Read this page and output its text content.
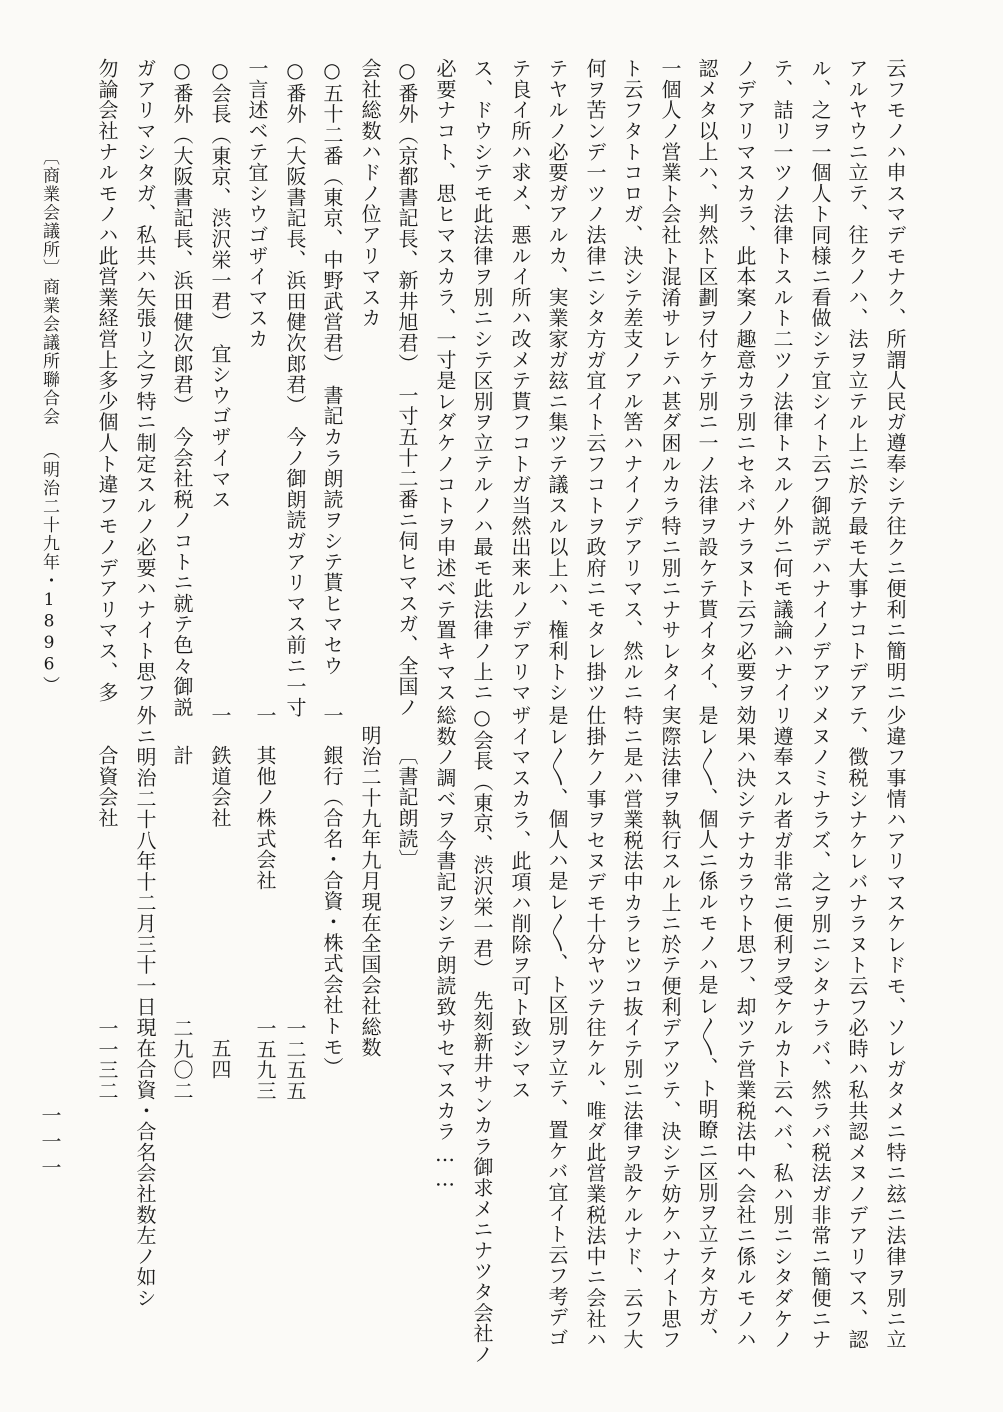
云フモノハ申スマデモナク、所謂人民ガ遵奉シテ往クニ便利ニ簡明ニ
アルヤウニ立テ、往クノハ、法ヲ立テル上ニ於テ最モ大事ナコトデア
ル、之ヲ一個人ト同様ニ看做シテ宜シイト云フ御説デハナイノデアツ
テ、詰リ一ツノ法律トスルト二ツノ法律トスルノ外ニ何モ議論ハナイ
ノデアリマスカラ、此本案ノ趣意カラ別ニセネバナラヌト云フ必要ヲ
認メタ以上ハ、判然ト区劃ヲ付ケテ別ニ一ノ法律ヲ設ケテ貰イタイ、
一個人ノ営業ト会社ト混淆サレテハ甚ダ困ルカラ特ニ別ニナサレタイ
ト云フタトコロガ、決シテ差支ノアル筈ハナイノデアリマス、然ルニ
何ヲ苦ンデ一ツノ法律ニシタ方ガ宜イト云フコトヲ政府ニモタレ掛ツ
テヤルノ必要ガアルカ、実業家ガ玆ニ集ツテ議スル以上ハ、権利トシ
テ良イ所ハ求メ、悪ルイ所ハ改メテ貰フコトガ当然出来ルノデアリマ
ス、ドウシテモ此法律ヲ別ニシテ区別ヲ立テルノハ最モ此法律ノ上ニ
必要ナコト、思ヒマスカラ、一寸是レダケノコトヲ申述ベテ置キマス
○番外（京都書記長、新井旭君）　一寸五十二番ニ伺ヒマスガ、全国ノ
会社総数ハドノ位アリマスカ
○五十二番（東京、中野武営君）　書記カラ朗読ヲシテ貰ヒマセウ
○番外（大阪書記長、浜田健次郎君）　今ノ御朗読ガアリマス前ニ一寸
一言述ベテ宜シウゴザイマスカ
○会長（東京、渋沢栄一君）　宜シウゴザイマス
○番外（大阪書記長、浜田健次郎君）　今会社税ノコトニ就テ色々御説
ガアリマシタガ、私共ハ矢張リ之ヲ特ニ制定スルノ必要ハナイト思フ
勿論会社ナルモノハ此営業経営上多少個人ト違フモノデアリマス、多
〔商業会議所〕
商業会議所聯合会
（明治二十九年・1896）
少違フ事情ハアリマスケレドモ、ソレガタメニ特ニ玆ニ法律ヲ別ニ立
テ、徴税シナケレバナラヌト云フ必時ハ私共認メヌノデアリマス、認
メヌノミナラズ、之ヲ別ニシタナラバ、然ラバ税法ガ非常ニ簡便ニナ
リ遵奉スル者ガ非常ニ便利ヲ受ケルカト云ヘバ、私ハ別ニシタダケノ
効果ハ決シテナカラウト思フ、却ツテ営業税法中ヘ会社ニ係ルモノハ
是レ〳〵、個人ニ係ルモノハ是レ〳〵、ト明瞭ニ区別ヲ立テタ方ガ、
実際法律ヲ執行スル上ニ於テ便利デアツテ、決シテ妨ケハナイト思フ
特ニ是ハ営業税法中カラヒツコ抜イテ別ニ法律ヲ設ケルナド、云フ大
仕掛ケノ事ヲセヌデモ十分ヤツテ往ケル、唯ダ此営業税法中ニ会社ハ
是レ〳〵、個人ハ是レ〳〵、ト区別ヲ立テ、置ケバ宜イト云フ考デゴ
ザイマスカラ、此項ハ削除ヲ可ト致シマス
○会長（東京、渋沢栄一君）　先刻新井サンカラ御求メニナツタ会社ノ
総数ノ調ベヲ今書記ヲシテ朗読致サセマスカラ……
〔書記朗読〕
明治二十九年九月現在全国会社総数
一
銀行（合名・合資・株式会社トモ）
一二五五
一
其他ノ株式会社
一五九三
一
鉄道会社
五四
計
二九〇二
外ニ明治二十八年十二月三十一日現在合資・合名会社数左ノ如シ
合資会社
一一三二
一一一
